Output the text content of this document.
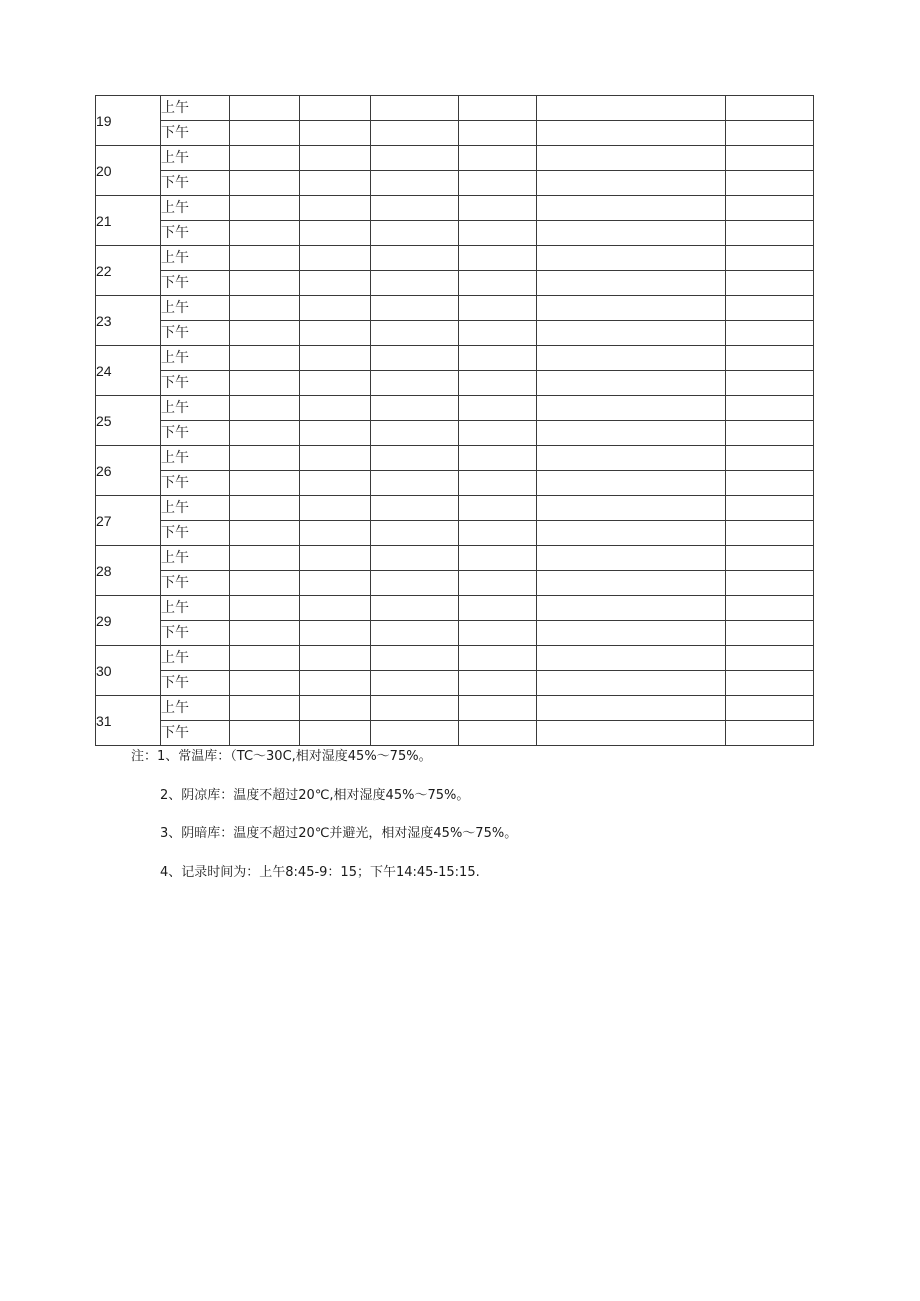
19	上午						
	下午						
20	上午						
	下午						
21	上午						
	下午						
22	上午						
	下午						
23	上午						
	下午						
24	上午						
	下午						
25	上午						
	下午						
26	上午						
	下午						
27	上午						
	下午						
28	上午						
	下午						
29	上午						
	下午						
30	上午						
	下午						
31	上午						
	下午						
注：1、常温库：（TC～30C,相对湿度45%～75%。
2、阴凉库：温度不超过20℃,相对湿度45%～75%。
3、阴暗库：温度不超过20℃并避光，相对湿度45%～75%。
4、记录时间为：上午8:45-9：15；下午14:45-15:15.
